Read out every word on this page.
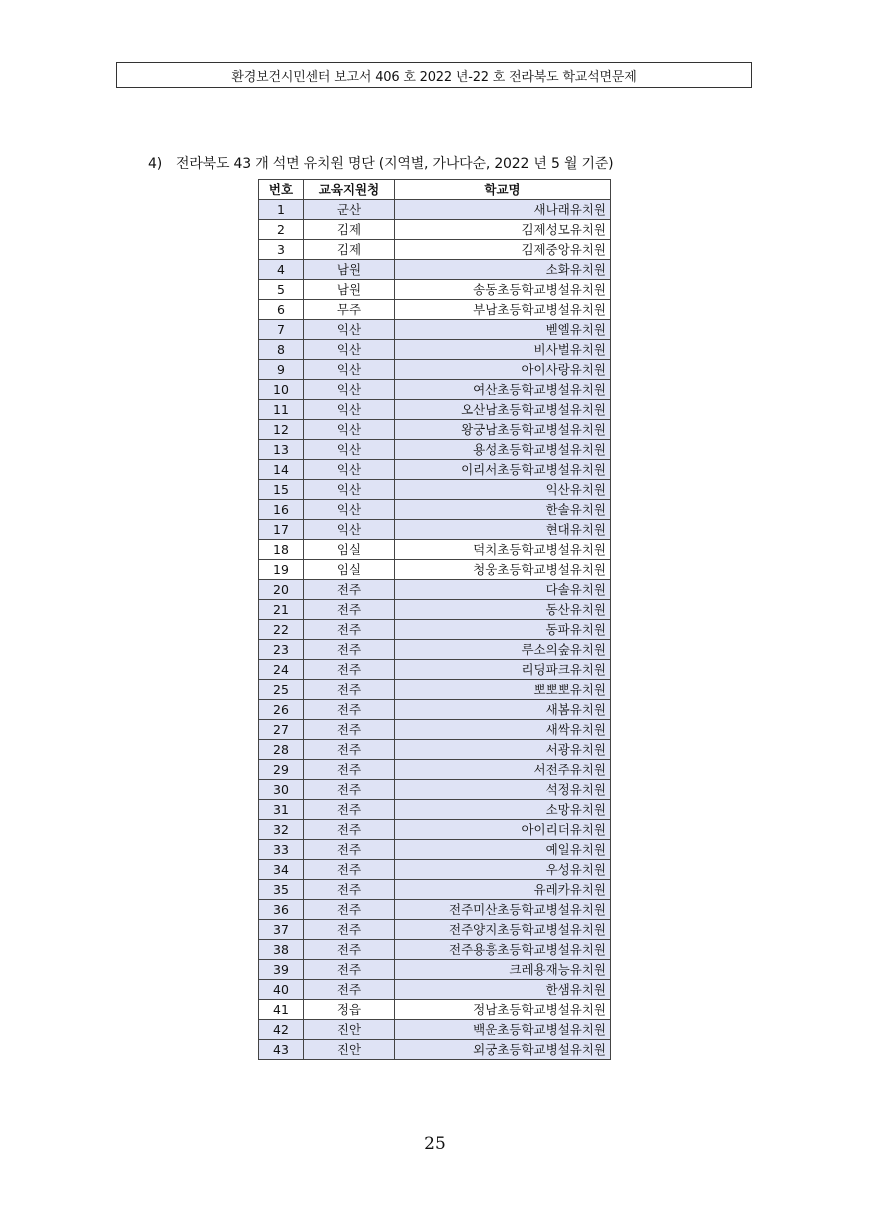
환경보건시민센터 보고서 406 호 2022 년-22 호 전라북도 학교석면문제
4) 전라북도 43 개 석면 유치원 명단 (지역별, 가나다순, 2022 년 5 월 기준)
번호	교육지원청	학교명
1	군산	새나래유치원
2	김제	김제성모유치원
3	김제	김제중앙유치원
4	남원	소화유치원
5	남원	송동초등학교병설유치원
6	무주	부남초등학교병설유치원
7	익산	벧엘유치원
8	익산	비사벌유치원
9	익산	아이사랑유치원
10	익산	여산초등학교병설유치원
11	익산	오산남초등학교병설유치원
12	익산	왕궁남초등학교병설유치원
13	익산	용성초등학교병설유치원
14	익산	이리서초등학교병설유치원
15	익산	익산유치원
16	익산	한솔유치원
17	익산	현대유치원
18	임실	덕치초등학교병설유치원
19	임실	청웅초등학교병설유치원
20	전주	다솔유치원
21	전주	동산유치원
22	전주	동파유치원
23	전주	루소의숲유치원
24	전주	리딩파크유치원
25	전주	뽀뽀뽀유치원
26	전주	새봄유치원
27	전주	새싹유치원
28	전주	서광유치원
29	전주	서전주유치원
30	전주	석정유치원
31	전주	소망유치원
32	전주	아이리더유치원
33	전주	예일유치원
34	전주	우성유치원
35	전주	유레카유치원
36	전주	전주미산초등학교병설유치원
37	전주	전주양지초등학교병설유치원
38	전주	전주용흥초등학교병설유치원
39	전주	크레용재능유치원
40	전주	한샘유치원
41	정읍	정남초등학교병설유치원
42	진안	백운초등학교병설유치원
43	진안	외궁초등학교병설유치원
25
